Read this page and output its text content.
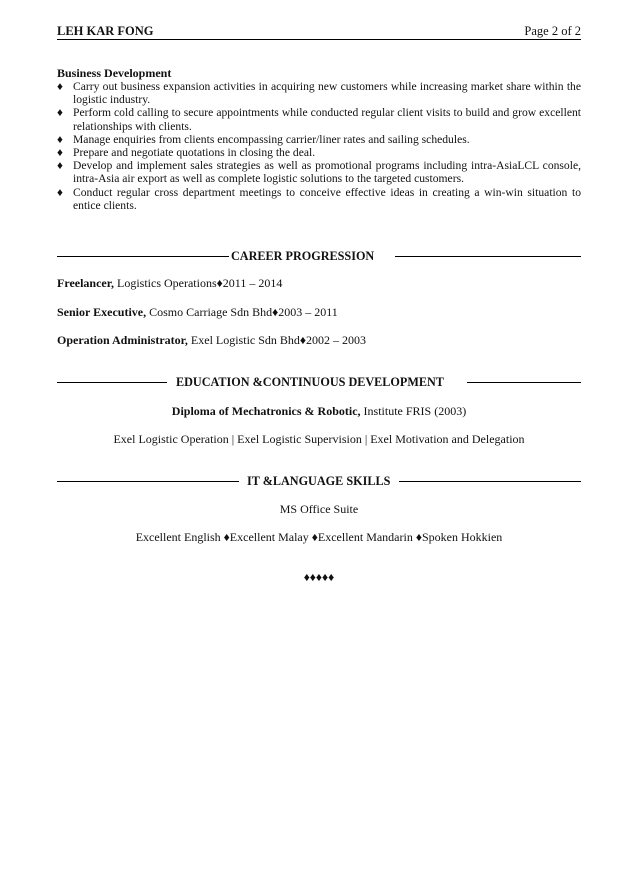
LEH KAR FONG	Page 2 of 2
Business Development
♦ Carry out business expansion activities in acquiring new customers while increasing market share within the logistic industry.
♦ Perform cold calling to secure appointments while conducted regular client visits to build and grow excellent relationships with clients.
♦ Manage enquiries from clients encompassing carrier/liner rates and sailing schedules.
♦ Prepare and negotiate quotations in closing the deal.
♦ Develop and implement sales strategies as well as promotional programs including intra-AsiaLCL console, intra-Asia air export as well as complete logistic solutions to the targeted customers.
♦ Conduct regular cross department meetings to conceive effective ideas in creating a win-win situation to entice clients.
CAREER PROGRESSION
Freelancer, Logistics Operations♦2011 – 2014
Senior Executive, Cosmo Carriage Sdn Bhd♦2003 – 2011
Operation Administrator, Exel Logistic Sdn Bhd♦2002 – 2003
EDUCATION &CONTINUOUS DEVELOPMENT
Diploma of Mechatronics & Robotic, Institute FRIS (2003)
Exel Logistic Operation | Exel Logistic Supervision | Exel Motivation and Delegation
IT &LANGUAGE SKILLS
MS Office Suite
Excellent English ♦Excellent Malay ♦Excellent Mandarin ♦Spoken Hokkien
♦♦♦♦♦
